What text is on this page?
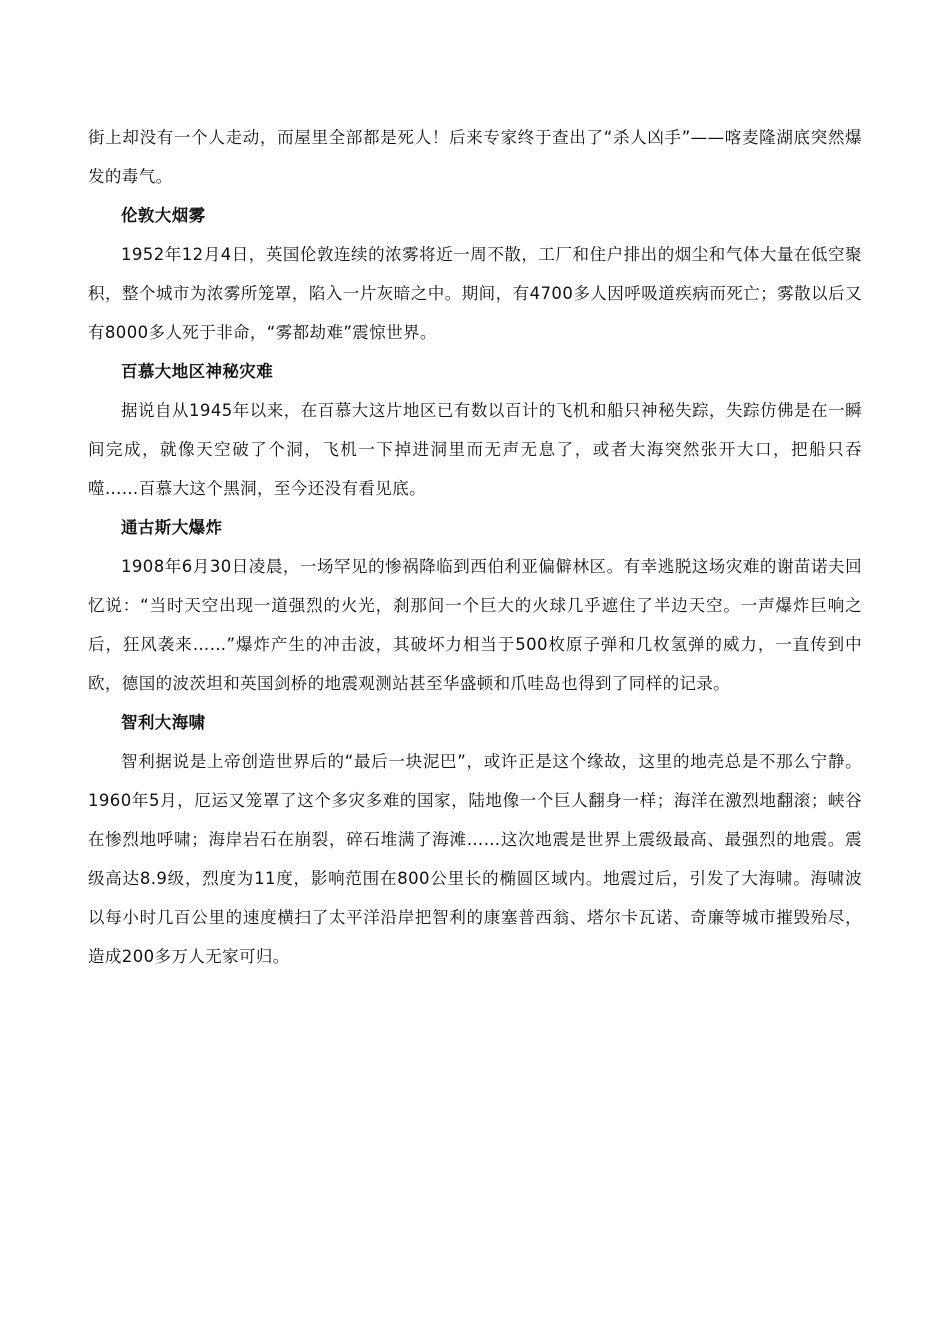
街上却没有一个人走动，而屋里全部都是死人！后来专家终于查出了“杀人凶手”——喀麦隆湖底突然爆发的毒气。

伦敦大烟雾

1952年12月4日，英国伦敦连续的浓雾将近一周不散，工厂和住户排出的烟尘和气体大量在低空聚积，整个城市为浓雾所笼罩，陷入一片灰暗之中。期间，有4700多人因呼吸道疾病而死亡；雾散以后又有8000多人死于非命，“雾都劫难”震惊世界。

百慕大地区神秘灾难

据说自从1945年以来，在百慕大这片地区已有数以百计的飞机和船只神秘失踪，失踪仿佛是在一瞬间完成，就像天空破了个洞，飞机一下掉进洞里而无声无息了，或者大海突然张开大口，把船只吞噬……百慕大这个黑洞，至今还没有看见底。

通古斯大爆炸

1908年6月30日凌晨，一场罕见的惨祸降临到西伯利亚偏僻林区。有幸逃脱这场灾难的谢苗诺夫回忆说：“当时天空出现一道强烈的火光，刹那间一个巨大的火球几乎遮住了半边天空。一声爆炸巨响之后，狂风袭来……”爆炸产生的冲击波，其破坏力相当于500枚原子弹和几枚氢弹的威力，一直传到中欧，德国的波茨坦和英国剑桥的地震观测站甚至华盛顿和爪哇岛也得到了同样的记录。

智利大海啸

智利据说是上帝创造世界后的“最后一块泥巴”，或许正是这个缘故，这里的地壳总是不那么宁静。1960年5月，厄运又笼罩了这个多灾多难的国家，陆地像一个巨人翻身一样；海洋在激烈地翻滚；峡谷在惨烈地呼啸；海岸岩石在崩裂，碎石堆满了海滩……这次地震是世界上震级最高、最强烈的地震。震级高达8.9级，烈度为11度，影响范围在800公里长的椭圆区域内。地震过后，引发了大海啸。海啸波以每小时几百公里的速度横扫了太平洋沿岸把智利的康塞普西翁、塔尔卡瓦诺、奇廉等城市摧毁殆尽，造成200多万人无家可归。
